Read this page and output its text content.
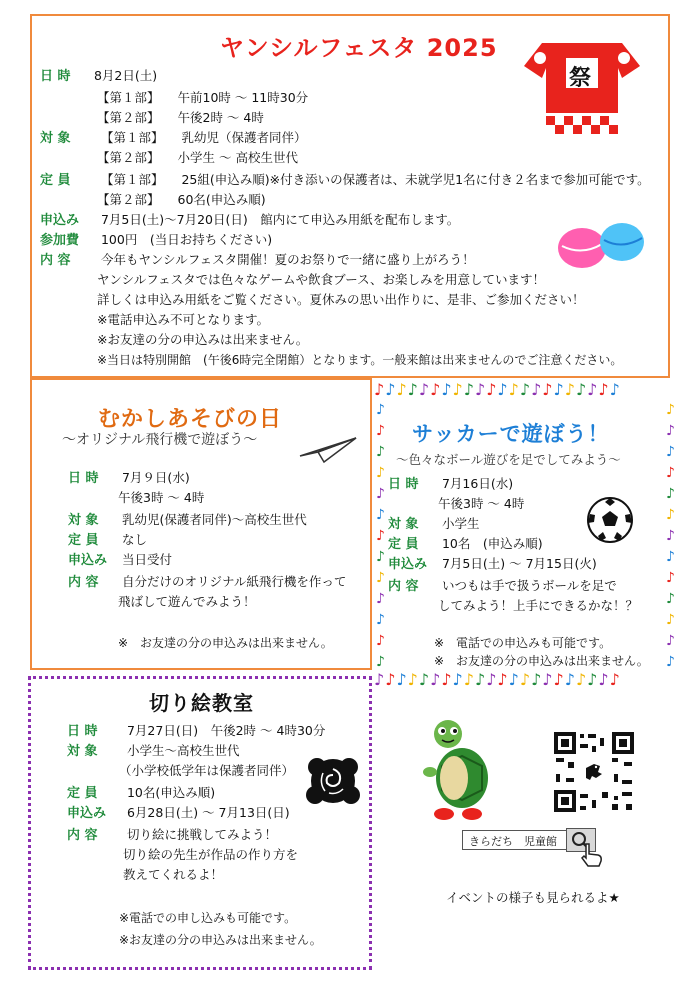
ヤンシルフェスタ 2025
日 時 8月2日(土)
【第１部】 午前10時 ～ 11時30分
【第２部】 午後2時 ～ 4時
対 象 【第１部】 乳幼児（保護者同伴）
【第２部】 小学生 ～ 高校生世代
定 員 【第１部】 25組(申込み順)※付き添いの保護者は、未就学児1名に付き２名まで参加可能です。
【第２部】 60名(申込み順)
申込み 7月5日(土)～7月20日(日)　館内にて申込み用紙を配布します。
参加費 100円　(当日お持ちください)
内 容 今年もヤンシルフェスタ開催！夏のお祭りで一緒に盛り上がろう！
ヤンシルフェスタでは色々なゲームや飲食ブース、お楽しみを用意しています！
詳しくは申込み用紙をご覧ください。夏休みの思い出作りに、是非、ご参加ください！
※電話申込み不可となります。
※お友達の分の申込みは出来ません。
※当日は特別開館　(午後6時完全閉館）となります。一般来館は出来ませんのでご注意ください。
祭
むかしあそびの日
～オリジナル飛行機で遊ぼう～
日 時 7月９日(水)
午後3時 ～ 4時
対 象 乳幼児(保護者同伴)～高校生世代
定 員 なし
申込み 当日受付
内 容 自分だけのオリジナル紙飛行機を作って
飛ばして遊んでみよう！
※　お友達の分の申込みは出来ません。
♪♪♪♪♪♪♪♪♪♪♪♪♪♪♪♪♪♪♪♪♪♪
♪♪♪♪♪♪♪♪♪♪♪♪♪♪♪♪♪♪♪♪♪♪
♪
♪
♪
♪
♪
♪
♪
♪
♪
♪
♪
♪
♪
♪
♪
♪
♪
♪
♪
♪
♪
♪
♪
♪
♪
♪
サッカーで遊ぼう！
～色々なボール遊びを足でしてみよう～
日 時 7月16日(水)
午後3時 ～ 4時
対 象 小学生
定 員 10名　(申込み順)
申込み 7月5日(土) ～ 7月15日(火)
内 容 いつもは手で扱うボールを足で
してみよう！上手にできるかな！？
※　電話での申込みも可能です。
※　お友達の分の申込みは出来ません。
切り絵教室
日 時 7月27日(日)　午後2時 ～ 4時30分
対 象 小学生～高校生世代
（小学校低学年は保護者同伴）
定 員 10名(申込み順)
申込み 6月28日(土) ～ 7月13日(日)
内 容 切り絵に挑戦してみよう！
切り絵の先生が作品の作り方を
教えてくれるよ！
※電話での申し込みも可能です。
※お友達の分の申込みは出来ません。
きらだち　児童館
イベントの様子も見られるよ★
